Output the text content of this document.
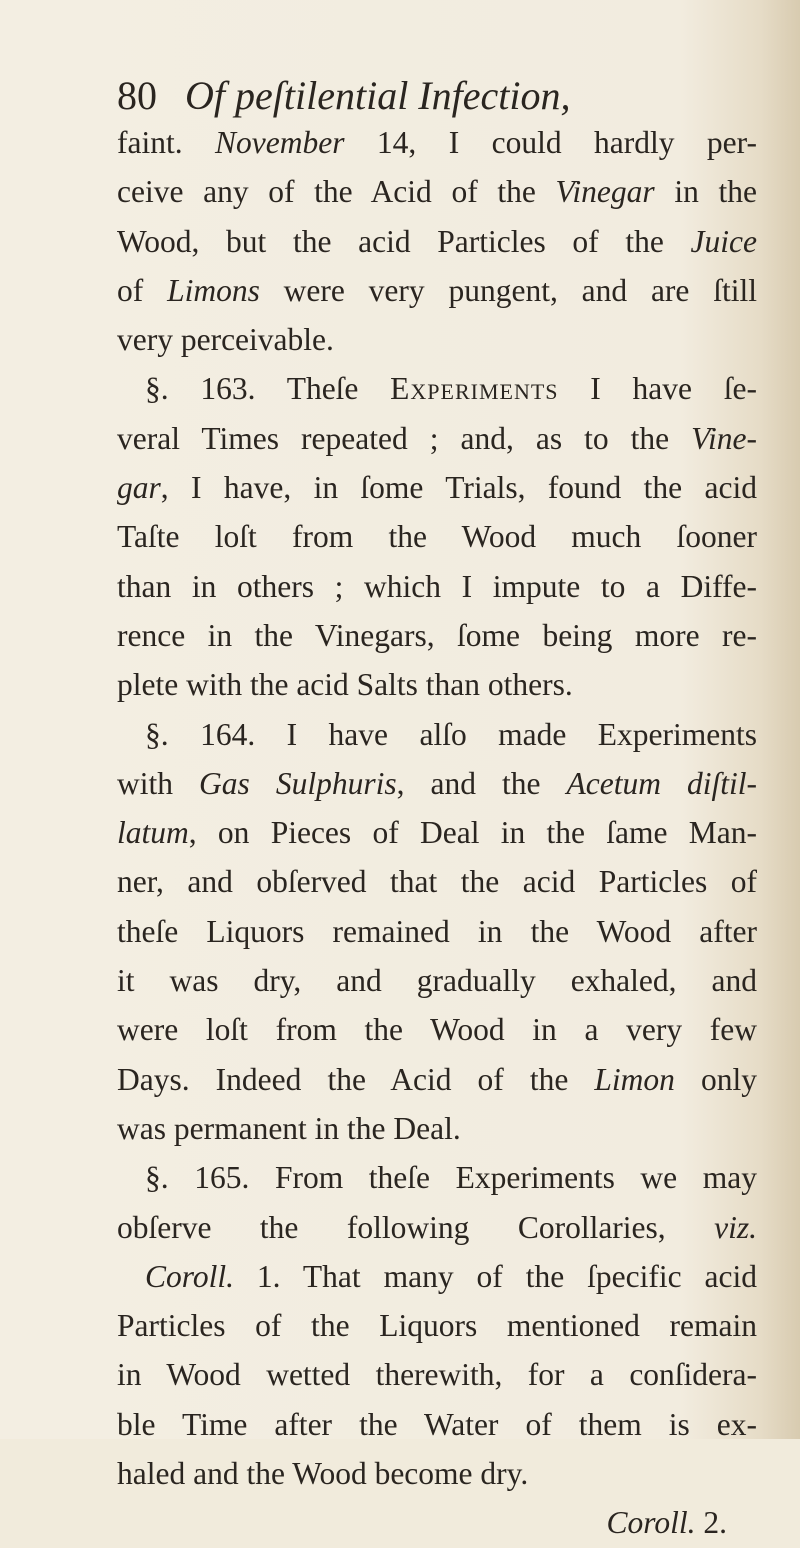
80 Of peſtilential Infection,
faint. November 14, I could hardly per-
ceive any of the Acid of the Vinegar in the
Wood, but the acid Particles of the Juice
of Limons were very pungent, and are ſtill
very perceivable.
§. 163. Theſe Experiments I have ſe-
veral Times repeated ; and, as to the Vine-
gar, I have, in ſome Trials, found the acid
Taſte loſt from the Wood much ſooner
than in others ; which I impute to a Diffe-
rence in the Vinegars, ſome being more re-
plete with the acid Salts than others.
§. 164. I have alſo made Experiments
with Gas Sulphuris, and the Acetum diſtil-
latum, on Pieces of Deal in the ſame Man-
ner, and obſerved that the acid Particles of
theſe Liquors remained in the Wood after
it was dry, and gradually exhaled, and
were loſt from the Wood in a very few
Days. Indeed the Acid of the Limon only
was permanent in the Deal.
§. 165. From theſe Experiments we may
obſerve the following Corollaries, viz.
Coroll. 1. That many of the ſpecific acid
Particles of the Liquors mentioned remain
in Wood wetted therewith, for a conſidera-
ble Time after the Water of them is ex-
haled and the Wood become dry.
Coroll. 2.
